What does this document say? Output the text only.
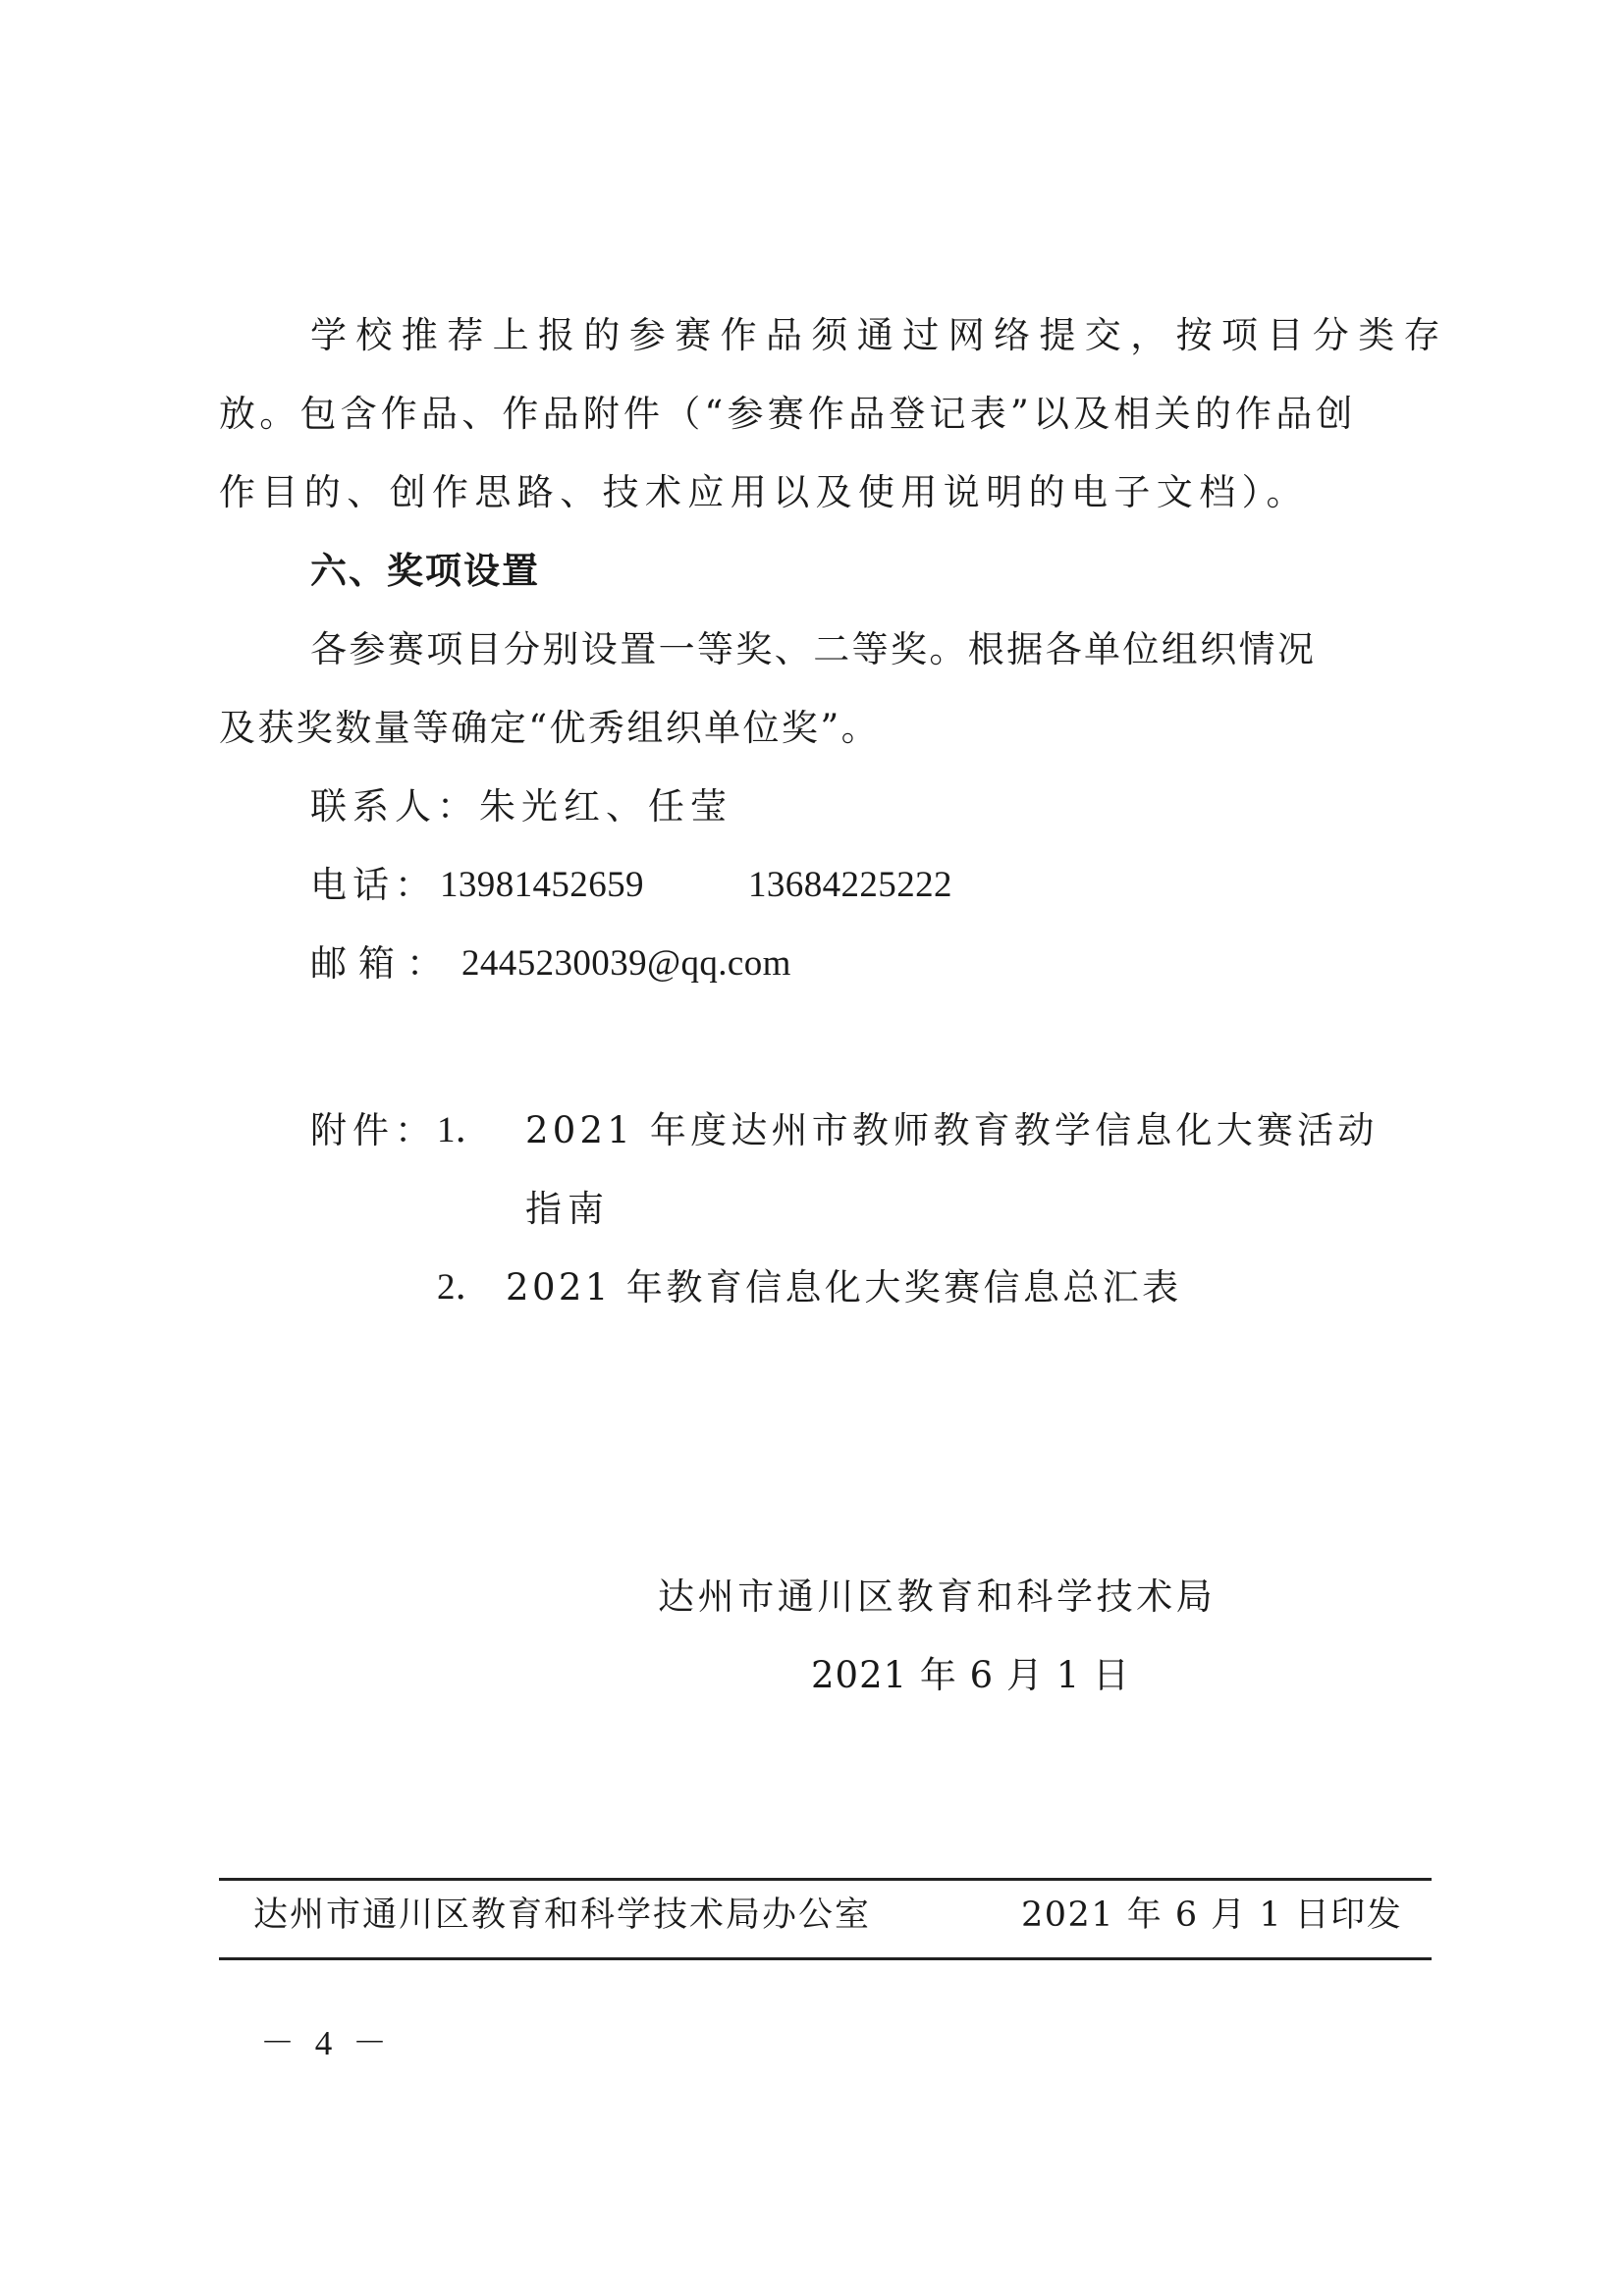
学校推荐上报的参赛作品须通过网络提交，按项目分类存
放。包含作品、作品附件（“参赛作品登记表”以及相关的作品创
作目的、创作思路、技术应用以及使用说明的电子文档）。
六、奖项设置
各参赛项目分别设置一等奖、二等奖。根据各单位组织情况
及获奖数量等确定“优秀组织单位奖”。
联系人：朱光红、任莹
电话： 13981452659	13684225222
邮箱： 2445230039@qq.com
附件： 1． 2021 年度达州市教师教育教学信息化大赛活动
指南
2． 2021 年教育信息化大奖赛信息总汇表
达州市通川区教育和科学技术局
2021 年 6 月 1 日
达州市通川区教育和科学技术局办公室	2021 年 6 月 1 日印发
－ 4 －
